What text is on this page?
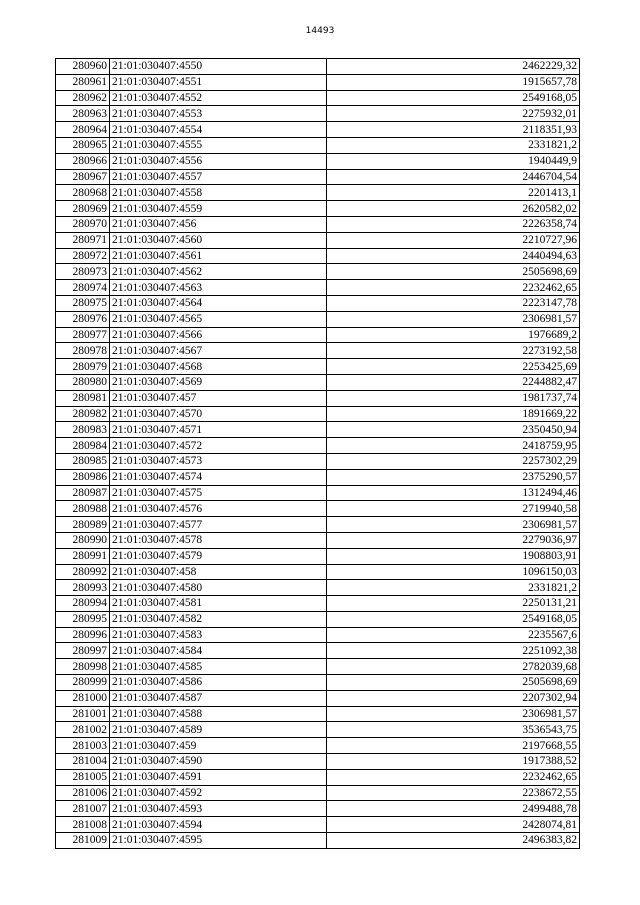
14493
280960	21:01:030407:4550	2462229,32
280961	21:01:030407:4551	1915657,78
280962	21:01:030407:4552	2549168,05
280963	21:01:030407:4553	2275932,01
280964	21:01:030407:4554	2118351,93
280965	21:01:030407:4555	2331821,2
280966	21:01:030407:4556	1940449,9
280967	21:01:030407:4557	2446704,54
280968	21:01:030407:4558	2201413,1
280969	21:01:030407:4559	2620582,02
280970	21:01:030407:456	2226358,74
280971	21:01:030407:4560	2210727,96
280972	21:01:030407:4561	2440494,63
280973	21:01:030407:4562	2505698,69
280974	21:01:030407:4563	2232462,65
280975	21:01:030407:4564	2223147,78
280976	21:01:030407:4565	2306981,57
280977	21:01:030407:4566	1976689,2
280978	21:01:030407:4567	2273192,58
280979	21:01:030407:4568	2253425,69
280980	21:01:030407:4569	2244882,47
280981	21:01:030407:457	1981737,74
280982	21:01:030407:4570	1891669,22
280983	21:01:030407:4571	2350450,94
280984	21:01:030407:4572	2418759,95
280985	21:01:030407:4573	2257302,29
280986	21:01:030407:4574	2375290,57
280987	21:01:030407:4575	1312494,46
280988	21:01:030407:4576	2719940,58
280989	21:01:030407:4577	2306981,57
280990	21:01:030407:4578	2279036,97
280991	21:01:030407:4579	1908803,91
280992	21:01:030407:458	1096150,03
280993	21:01:030407:4580	2331821,2
280994	21:01:030407:4581	2250131,21
280995	21:01:030407:4582	2549168,05
280996	21:01:030407:4583	2235567,6
280997	21:01:030407:4584	2251092,38
280998	21:01:030407:4585	2782039,68
280999	21:01:030407:4586	2505698,69
281000	21:01:030407:4587	2207302,94
281001	21:01:030407:4588	2306981,57
281002	21:01:030407:4589	3536543,75
281003	21:01:030407:459	2197668,55
281004	21:01:030407:4590	1917388,52
281005	21:01:030407:4591	2232462,65
281006	21:01:030407:4592	2238672,55
281007	21:01:030407:4593	2499488,78
281008	21:01:030407:4594	2428074,81
281009	21:01:030407:4595	2496383,82
